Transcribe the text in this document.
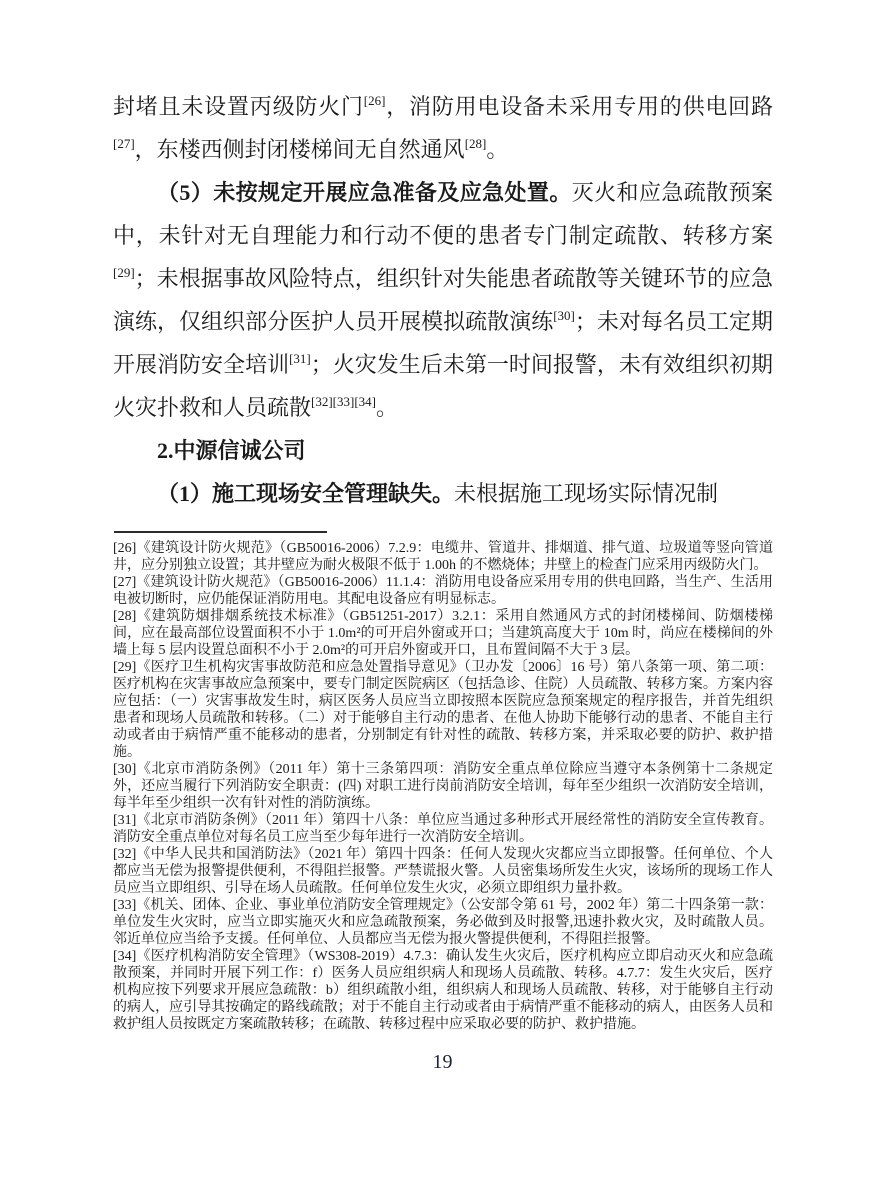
封堵且未设置丙级防火门[26]，消防用电设备未采用专用的供电回路[27]，东楼西侧封闭楼梯间无自然通风[28]。

（5）未按规定开展应急准备及应急处置。灭火和应急疏散预案中，未针对无自理能力和行动不便的患者专门制定疏散、转移方案[29]；未根据事故风险特点，组织针对失能患者疏散等关键环节的应急演练，仅组织部分医护人员开展模拟疏散演练[30]；未对每名员工定期开展消防安全培训[31]；火灾发生后未第一时间报警，未有效组织初期火灾扑救和人员疏散[32][33][34]。

2.中源信诚公司

（1）施工现场安全管理缺失。未根据施工现场实际情况制

[26]《建筑设计防火规范》（GB50016-2006）7.2.9：电缆井、管道井、排烟道、排气道、垃圾道等竖向管道井，应分别独立设置；其井壁应为耐火极限不低于 1.00h 的不燃烧体；井壁上的检查门应采用丙级防火门。

[27]《建筑设计防火规范》（GB50016-2006）11.1.4：消防用电设备应采用专用的供电回路，当生产、生活用电被切断时，应仍能保证消防用电。其配电设备应有明显标志。

[28]《建筑防烟排烟系统技术标准》（GB51251-2017）3.2.1：采用自然通风方式的封闭楼梯间、防烟楼梯间，应在最高部位设置面积不小于 1.0m²的可开启外窗或开口；当建筑高度大于 10m 时，尚应在楼梯间的外墙上每 5 层内设置总面积不小于 2.0m²的可开启外窗或开口，且布置间隔不大于 3 层。

[29]《医疗卫生机构灾害事故防范和应急处置指导意见》（卫办发〔2006〕16 号）第八条第一项、第二项：医疗机构在灾害事故应急预案中，要专门制定医院病区（包括急诊、住院）人员疏散、转移方案。方案内容应包括：（一）灾害事故发生时，病区医务人员应当立即按照本医院应急预案规定的程序报告，并首先组织患者和现场人员疏散和转移。（二）对于能够自主行动的患者、在他人协助下能够行动的患者、不能自主行动或者由于病情严重不能移动的患者，分别制定有针对性的疏散、转移方案，并采取必要的防护、救护措施。

[30]《北京市消防条例》（2011 年）第十三条第四项：消防安全重点单位除应当遵守本条例第十二条规定外，还应当履行下列消防安全职责：(四) 对职工进行岗前消防安全培训，每年至少组织一次消防安全培训，每半年至少组织一次有针对性的消防演练。

[31]《北京市消防条例》（2011 年）第四十八条：单位应当通过多种形式开展经常性的消防安全宣传教育。消防安全重点单位对每名员工应当至少每年进行一次消防安全培训。

[32]《中华人民共和国消防法》（2021 年）第四十四条：任何人发现火灾都应当立即报警。任何单位、个人都应当无偿为报警提供便利，不得阻拦报警。严禁谎报火警。人员密集场所发生火灾，该场所的现场工作人员应当立即组织、引导在场人员疏散。任何单位发生火灾，必须立即组织力量扑救。

[33]《机关、团体、企业、事业单位消防安全管理规定》（公安部令第 61 号，2002 年）第二十四条第一款：单位发生火灾时，应当立即实施灭火和应急疏散预案，务必做到及时报警,迅速扑救火灾，及时疏散人员。邻近单位应当给予支援。任何单位、人员都应当无偿为报火警提供便利，不得阻拦报警。

[34]《医疗机构消防安全管理》（WS308-2019）4.7.3：确认发生火灾后，医疗机构应立即启动灭火和应急疏散预案，并同时开展下列工作：f）医务人员应组织病人和现场人员疏散、转移。4.7.7：发生火灾后，医疗机构应按下列要求开展应急疏散：b）组织疏散小组，组织病人和现场人员疏散、转移，对于能够自主行动的病人，应引导其按确定的路线疏散；对于不能自主行动或者由于病情严重不能移动的病人，由医务人员和救护组人员按既定方案疏散转移；在疏散、转移过程中应采取必要的防护、救护措施。

19
